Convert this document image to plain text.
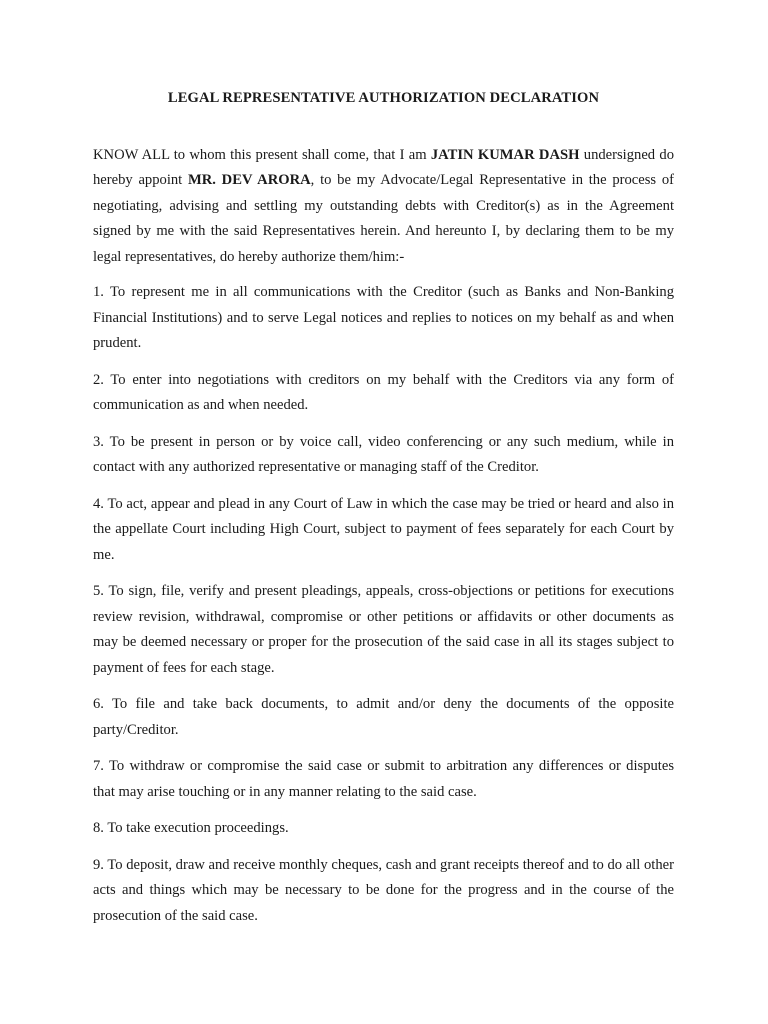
LEGAL REPRESENTATIVE AUTHORIZATION DECLARATION

KNOW ALL to whom this present shall come, that I am JATIN KUMAR DASH undersigned do hereby appoint MR. DEV ARORA, to be my Advocate/Legal Representative in the process of negotiating, advising and settling my outstanding debts with Creditor(s) as in the Agreement signed by me with the said Representatives herein. And hereunto I, by declaring them to be my legal representatives, do hereby authorize them/him:-

1. To represent me in all communications with the Creditor (such as Banks and Non-Banking Financial Institutions) and to serve Legal notices and replies to notices on my behalf as and when prudent.

2. To enter into negotiations with creditors on my behalf with the Creditors via any form of communication as and when needed.

3. To be present in person or by voice call, video conferencing or any such medium, while in contact with any authorized representative or managing staff of the Creditor.

4. To act, appear and plead in any Court of Law in which the case may be tried or heard and also in the appellate Court including High Court, subject to payment of fees separately for each Court by me.

5. To sign, file, verify and present pleadings, appeals, cross-objections or petitions for executions review revision, withdrawal, compromise or other petitions or affidavits or other documents as may be deemed necessary or proper for the prosecution of the said case in all its stages subject to payment of fees for each stage.

6. To file and take back documents, to admit and/or deny the documents of the opposite party/Creditor.

7. To withdraw or compromise the said case or submit to arbitration any differences or disputes that may arise touching or in any manner relating to the said case.

8. To take execution proceedings.

9. To deposit, draw and receive monthly cheques, cash and grant receipts thereof and to do all other acts and things which may be necessary to be done for the progress and in the course of the prosecution of the said case.
